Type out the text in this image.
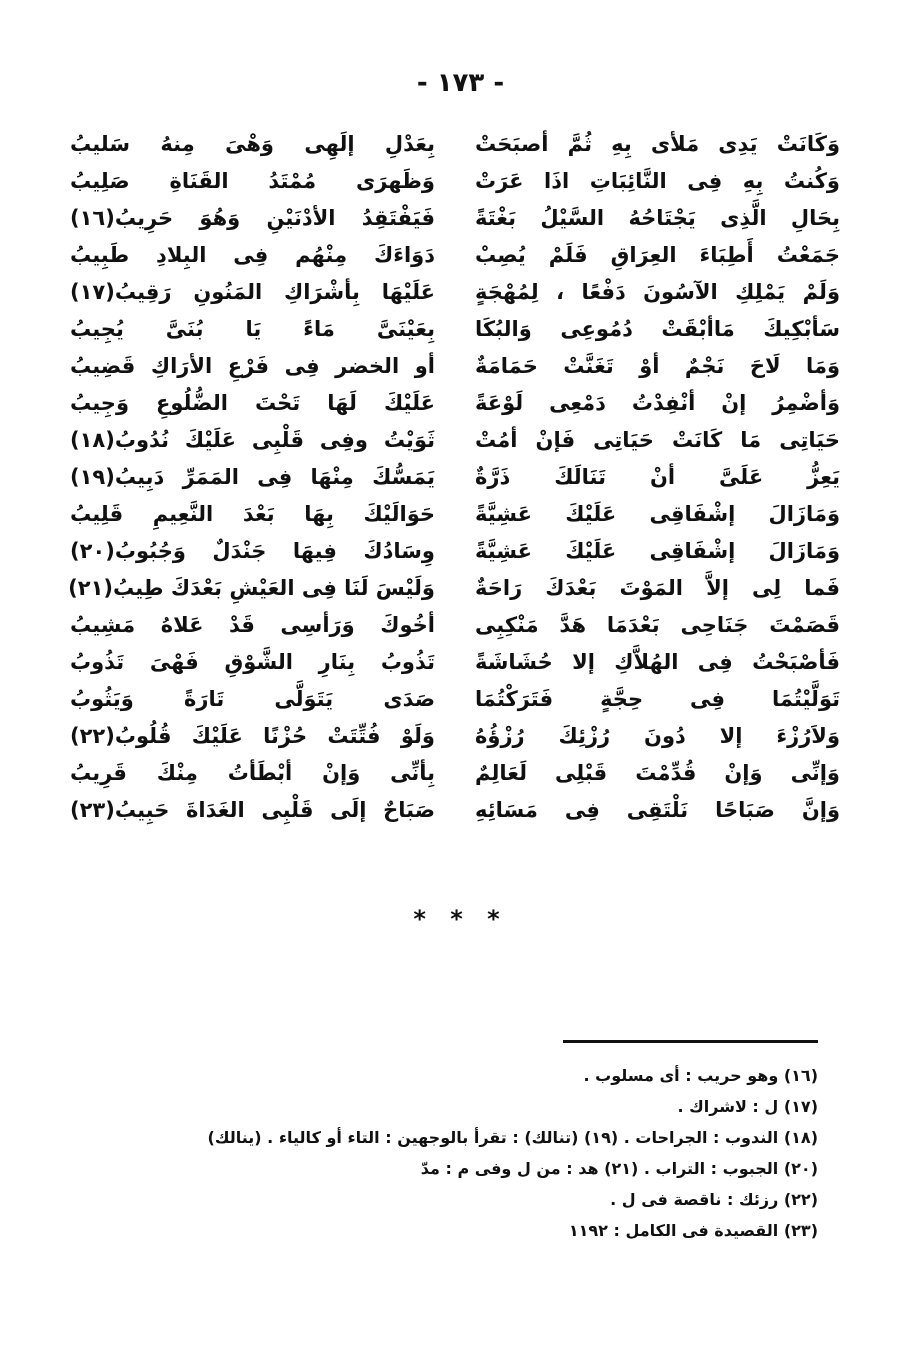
- ١٧٣ -
وَكَانَتْ يَدِى مَلأى بِهِ ثُمَّ أصبَحَتْ
بِعَدْلِ إلَهِى وَهْىَ مِنهُ سَليبُ
وَكُنتُ بِهِ فِى النَّائِبَاتِ اذَا عَرَتْ
وَظَهرَى مُمْتَدُ القَنَاةِ صَلِيبُ
بِحَالِ الَّذِى يَجْتَاحُهُ السَّيْلُ بَغْتَةً
فَيَفْتَقِدُ الأدْنَيْنِ وَهُوَ حَرِيبُ(١٦)
جَمَعْتُ أَطِبَاءَ العِرَاقِ فَلَمْ يُصِبْ
دَوَاءَكَ مِنْهُم فِى البِلادِ طَبِيبُ
وَلَمْ يَمْلِكِ الآسُونَ دَفْعًا ، لِمُهْجَةٍ
عَلَيْهَا بِأشْرَاكِ المَنُونِ رَقِيبُ(١٧)
سَأبْكِيكَ مَاأبْقَتْ دُمُوعِى وَالبُكَا
بِعَيْنَىَّ مَاءً يَا بُنَىَّ يُجِيبُ
وَمَا لَاحَ نَجْمٌ أوْ تَغَنَّتْ حَمَامَةٌ
أو الخضر فِى فَرْعِ الأرَاكِ قَضِيبُ
وَأضْمِرُ إنْ أنْفِدْتُ دَمْعِى لَوْعَةً
عَلَيْكَ لَهَا تَحْتَ الضُّلُوعِ وَجِيبُ
حَيَاتِى مَا كَانَتْ حَيَاتِى فَإنْ أمُتْ
ثَوَيْتُ وفِى قَلْبِى عَلَيْكَ نُدُوبُ(١٨)
يَعِزُّ عَلَىَّ أنْ تَنَالَكَ ذَرَّةٌ
يَمَسُّكَ مِنْهَا فِى المَمَرِّ دَبِيبُ(١٩)
وَمَازَالَ إشْفَاقِى عَلَيْكَ عَشِيَّةً
حَوَالَيْكَ بِهَا بَعْدَ النَّعِيمِ قَلِيبُ
وَمَازَالَ إشْفَاقِى عَلَيْكَ عَشِيَّةً
وِسَادُكَ فِيهَا جَنْدَلٌ وَجُبُوبُ(٢٠)
فَما لِى إلاَّ المَوْتَ بَعْدَكَ رَاحَةٌ
وَلَيْسَ لَنَا فِى العَيْشِ بَعْدَكَ طِيبُ(٢١)
قَصَمْتَ جَنَاحِى بَعْدَمَا هَدَّ مَنْكِبِى
أخُوكَ وَرَأسِى قَدْ عَلاهُ مَشِيبُ
فَأصْبَحْتُ فِى الهُلاَّكِ إلا حُشَاشَةً
تَذُوبُ بِنَارِ الشَّوْقِ فَهْىَ تَذُوبُ
تَوَلَّيْتُمَا فِى حِجَّةٍ فَتَرَكْتُمَا
صَدَى يَتَوَلَّى تَارَةً وَيَثُوبُ
وَلاَرُزْءَ إلا دُونَ رُزْئِكَ رُزْؤُهُ
وَلَوْ فُتِّتَتْ حُزْنًا عَلَيْكَ قُلُوبُ(٢٢)
وَإنِّى وَإنْ قُدِّمْتَ قَبْلِى لَعَالِمٌ
بِأنِّى وَإنْ أبْطَأتُ مِنْكَ قَرِيبُ
وَإنَّ صَبَاحًا نَلْتَقِى فِى مَسَائِهِ
صَبَاحٌ إلَى قَلْبِى الغَدَاةَ حَبِيبُ(٢٣)
* * *
(١٦) وهو حريب : أى مسلوب .
(١٧) ل : لاشراك .
(١٨) الندوب : الجراحات . (١٩) (تنالك) : تقرأ بالوجهين : التاء أو كالياء . (ينالك)
(٢٠) الجبوب : التراب . (٢١) هد : من ل وفى م : مدّ
(٢٢) رزئك : ناقصة فى ل .
(٢٣) القصيدة فى الكامل : ١١٩٢
